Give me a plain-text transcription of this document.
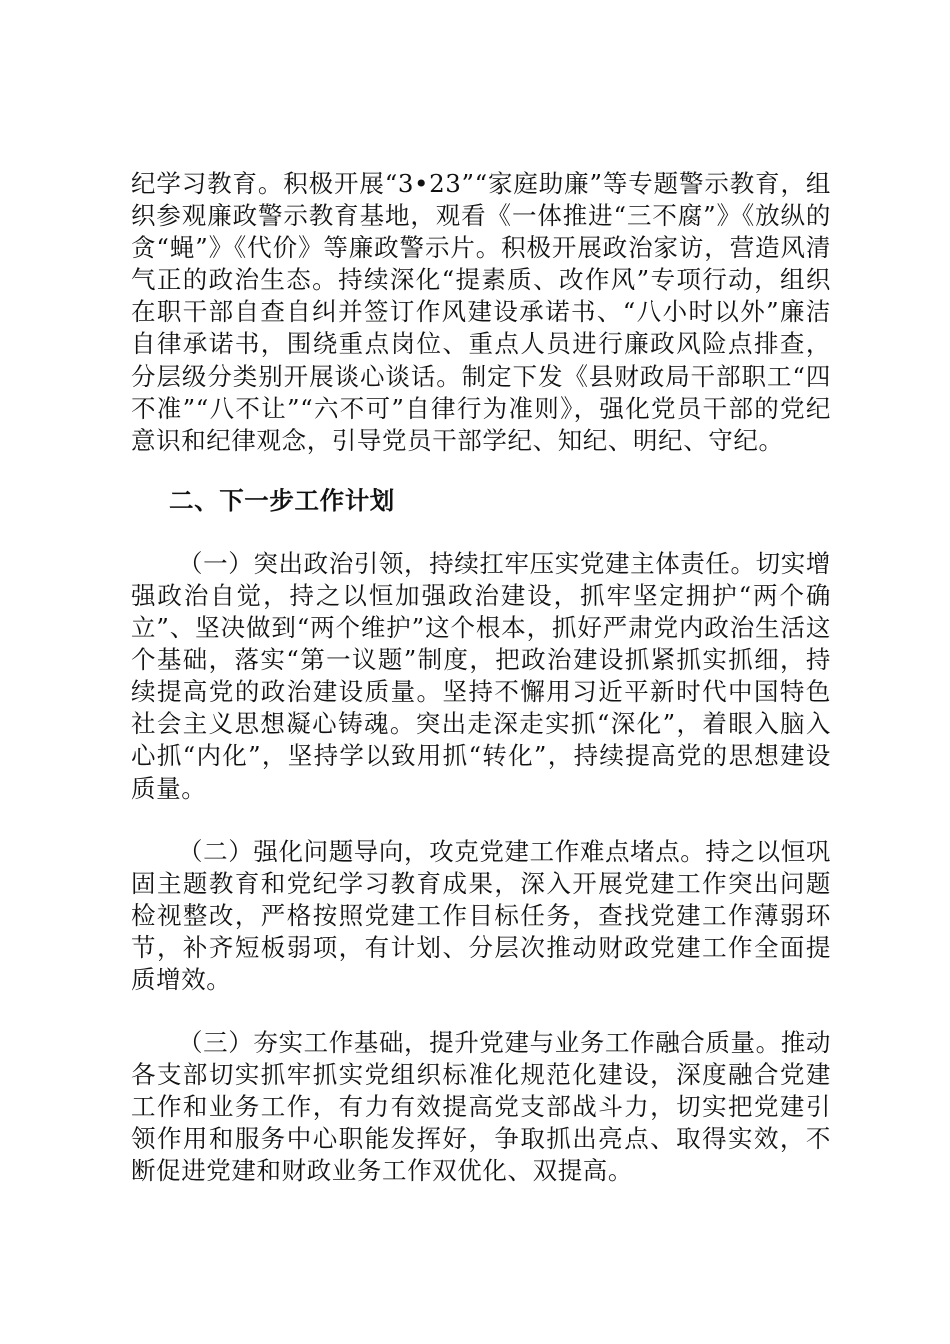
纪学习教育。积极开展“3•23”“家庭助廉”等专题警示教育，组织参观廉政警示教育基地，观看《一体推进“三不腐”》《放纵的贪“蝇”》《代价》等廉政警示片。积极开展政治家访，营造风清气正的政治生态。持续深化“提素质、改作风”专项行动，组织在职干部自查自纠并签订作风建设承诺书、“八小时以外”廉洁自律承诺书，围绕重点岗位、重点人员进行廉政风险点排查，分层级分类别开展谈心谈话。制定下发《县财政局干部职工“四不准”“八不让”“六不可”自律行为准则》，强化党员干部的党纪意识和纪律观念，引导党员干部学纪、知纪、明纪、守纪。

二、下一步工作计划

（一）突出政治引领，持续扛牢压实党建主体责任。切实增强政治自觉，持之以恒加强政治建设，抓牢坚定拥护“两个确立”、坚决做到“两个维护”这个根本，抓好严肃党内政治生活这个基础，落实“第一议题”制度，把政治建设抓紧抓实抓细，持续提高党的政治建设质量。坚持不懈用习近平新时代中国特色社会主义思想凝心铸魂。突出走深走实抓“深化”，着眼入脑入心抓“内化”，坚持学以致用抓“转化”，持续提高党的思想建设质量。

（二）强化问题导向，攻克党建工作难点堵点。持之以恒巩固主题教育和党纪学习教育成果，深入开展党建工作突出问题检视整改，严格按照党建工作目标任务，查找党建工作薄弱环节，补齐短板弱项，有计划、分层次推动财政党建工作全面提质增效。

（三）夯实工作基础，提升党建与业务工作融合质量。推动各支部切实抓牢抓实党组织标准化规范化建设，深度融合党建工作和业务工作，有力有效提高党支部战斗力，切实把党建引领作用和服务中心职能发挥好，争取抓出亮点、取得实效，不断促进党建和财政业务工作双优化、双提高。
